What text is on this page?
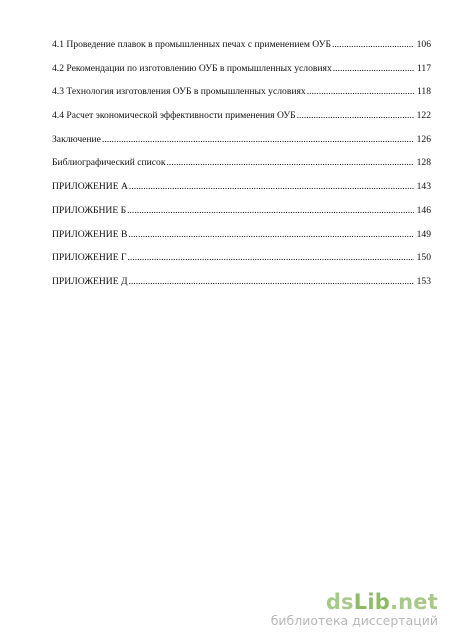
4.1 Проведение плавок в промышленных печах с применением ОУБ .....	106
4.2 Рекомендации по изготовлению ОУБ в промышленных условиях .....	117
4.3 Технология изготовления ОУБ в промышленных условиях .....	118
4.4 Расчет экономической эффективности применения ОУБ .....	122
Заключение .....	126
Библиографический список .....	128
ПРИЛОЖЕНИЕ А .....	143
ПРИЛОЖБНИЕ Б .....	146
ПРИЛОЖЕНИЕ В .....	149
ПРИЛОЖЕНИЕ Г .....	150
ПРИЛОЖЕНИЕ Д .....	153
dsLib.net
библиотека диссертаций
